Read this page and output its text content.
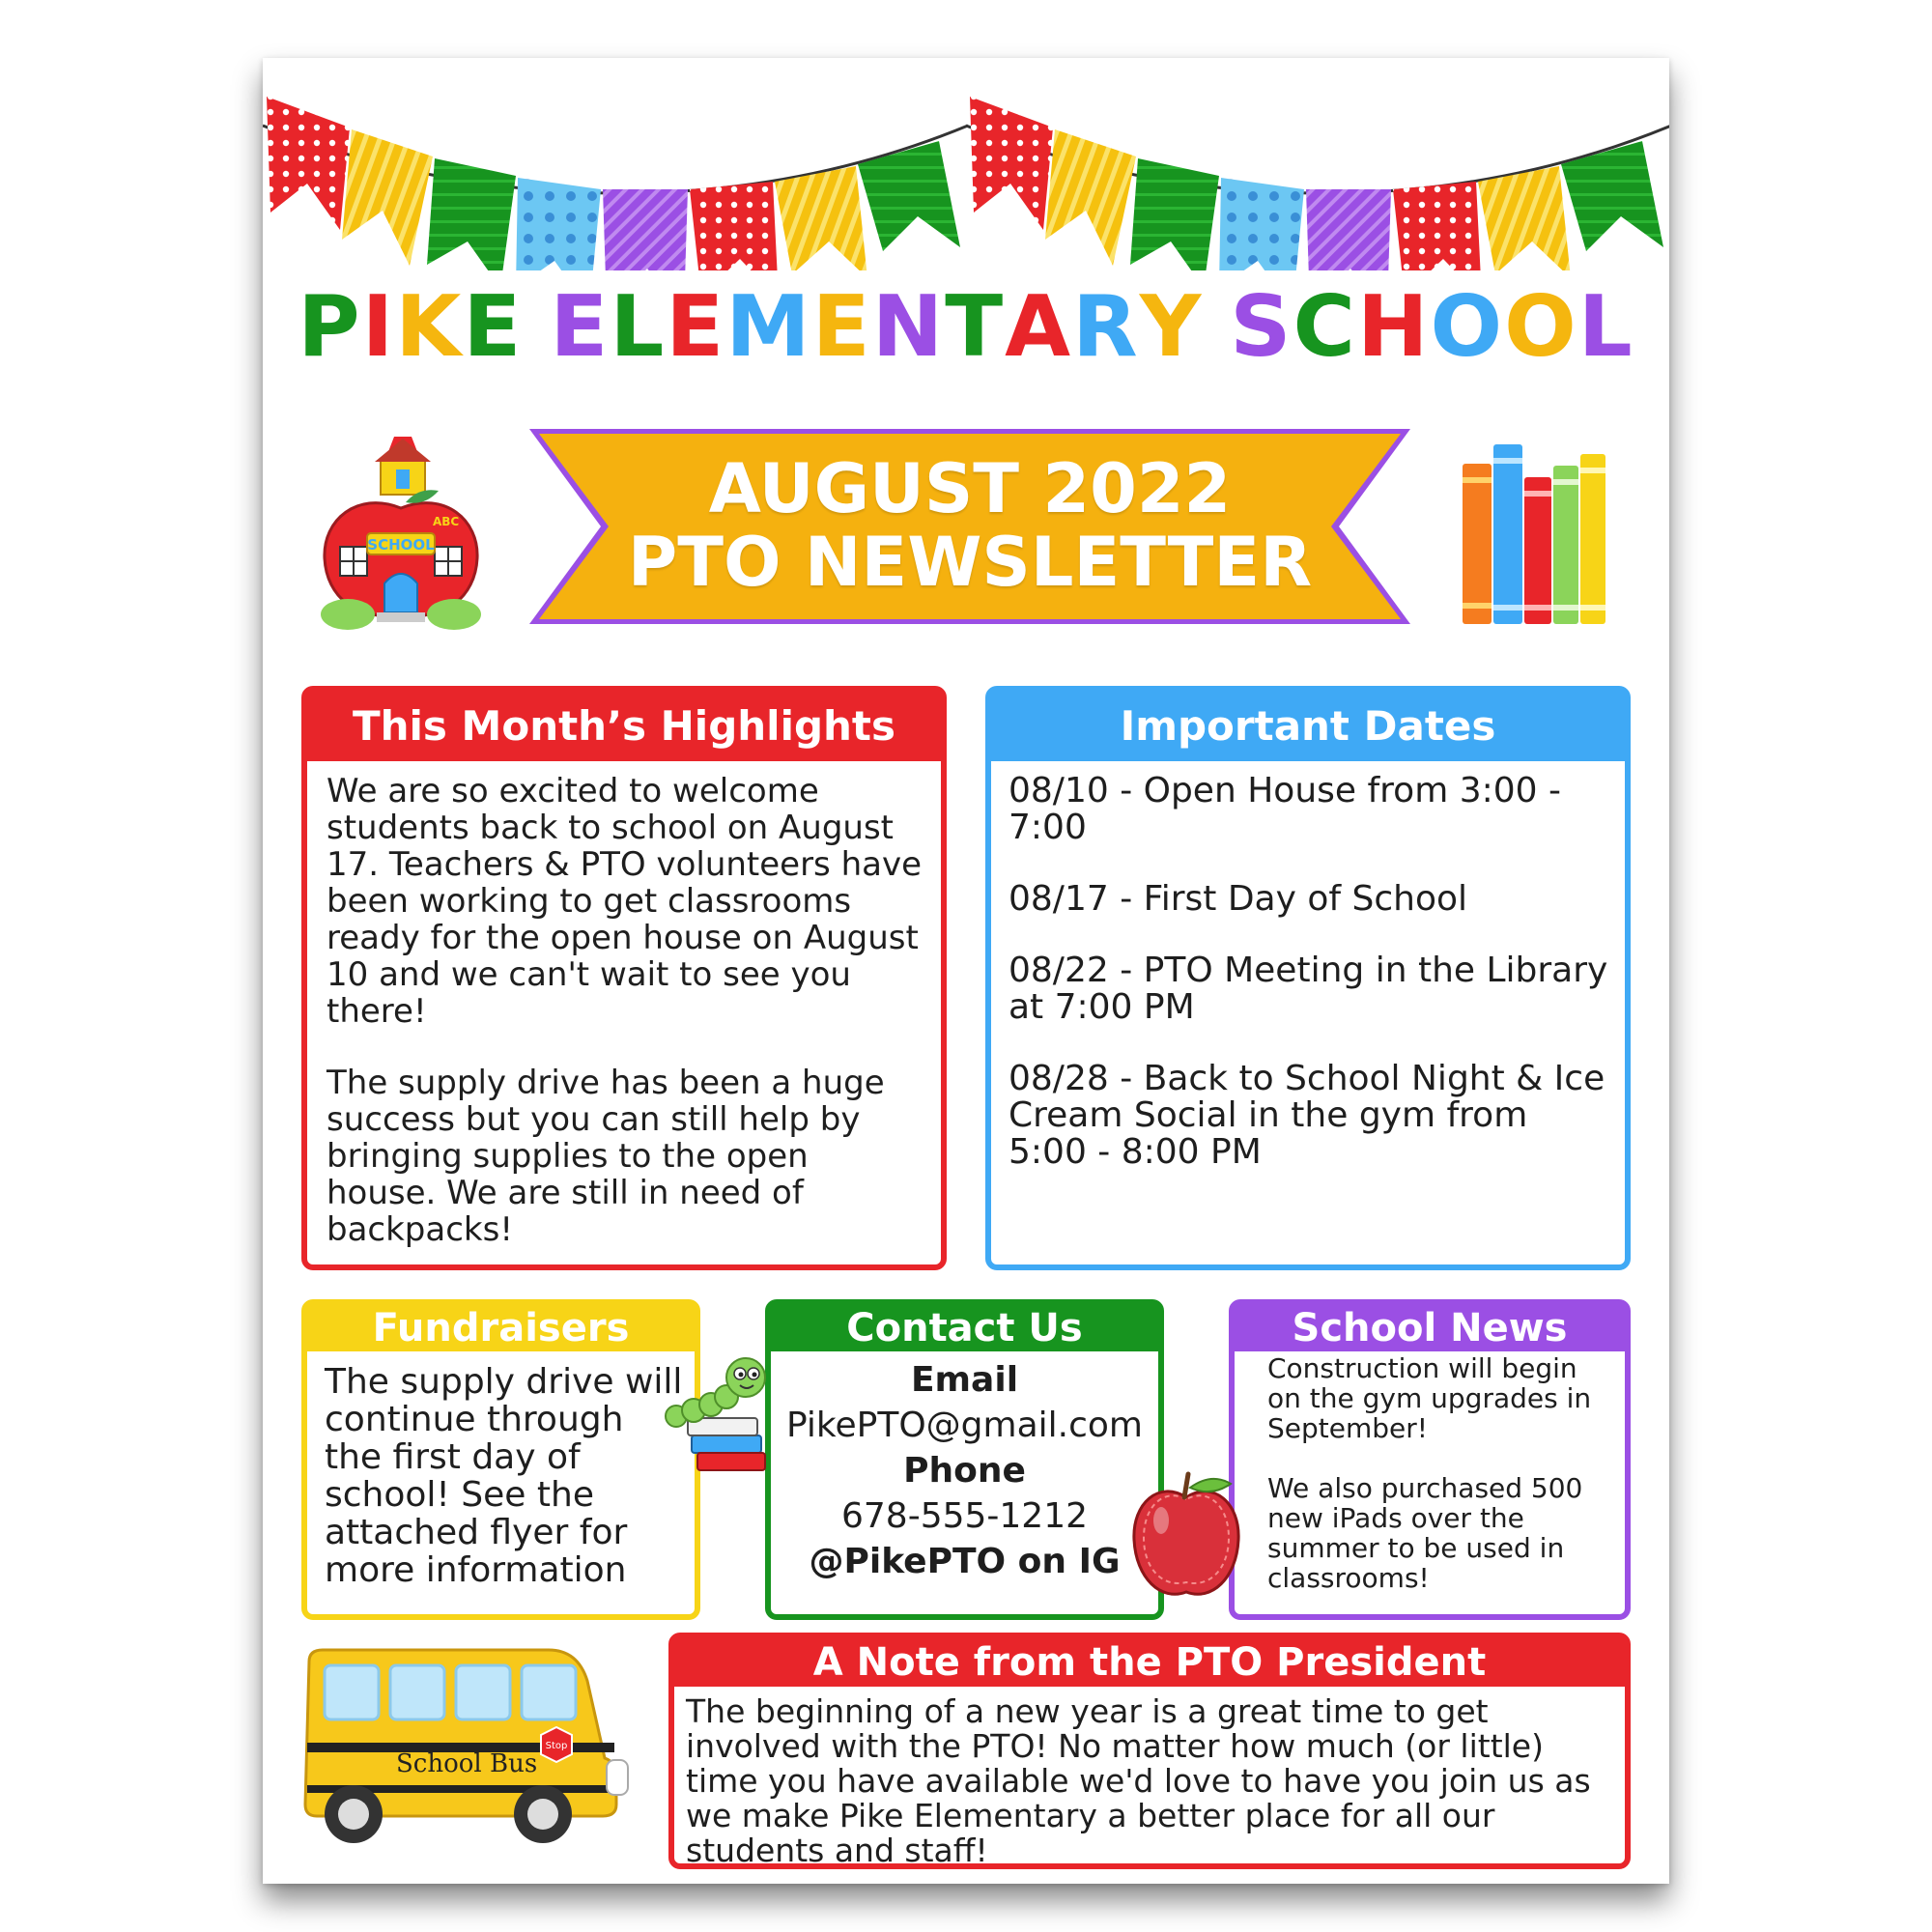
PIKE ELEMENTARY SCHOOL
SCHOOL
ABC	AUGUST 2022
PTO NEWSLETTER
This Month’s Highlights

We are so excited to welcome students back to school on August 17. Teachers & PTO volunteers have been working to get classrooms ready for the open house on August 10 and we can't wait to see you there!

The supply drive has been a huge success but you can still help by bringing supplies to the open house. We are still in need of backpacks!

Important Dates

08/10 - Open House from 3:00 - 7:00

08/17 - First Day of School

08/22 - PTO Meeting in the Library at 7:00 PM

08/28 - Back to School Night & Ice Cream Social in the gym from 5:00 - 8:00 PM

Fundraisers
The supply drive will continue through the first day of school! See the attached flyer for more information
Contact Us
Email
PikePTO@gmail.com
Phone
678-555-1212
@PikePTO on IG
School News

Construction will begin on the gym upgrades in September!

We also purchased 500 new iPads over the summer to be used in classrooms!

School Bus
Stop
A Note from the PTO President
The beginning of a new year is a great time to get involved with the PTO! No matter how much (or little) time you have available we'd love to have you join us as we make Pike Elementary a better place for all our students and staff!
